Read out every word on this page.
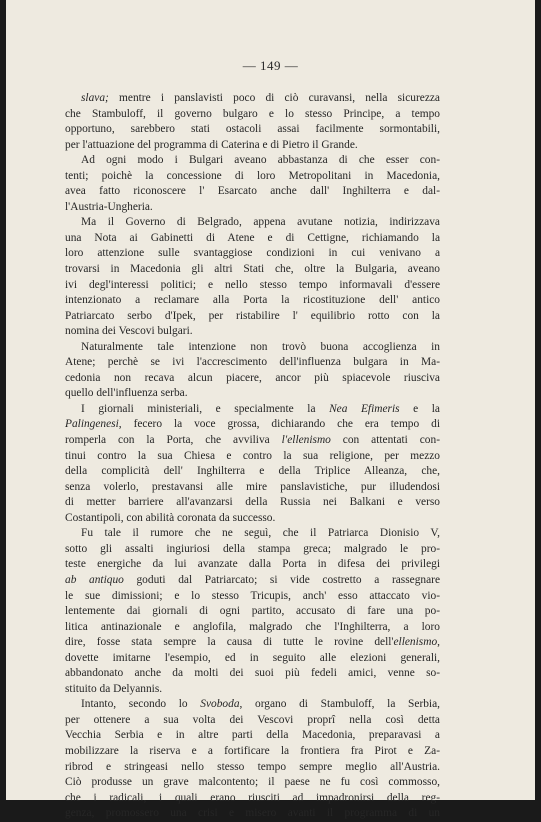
— 149 —
slava; mentre i panslavisti poco di ciò curavansi, nella sicurezza
che Stambuloff, il governo bulgaro e lo stesso Principe, a tempo
opportuno, sarebbero stati ostacoli assai facilmente sormontabili,
per l'attuazione del programma di Caterina e di Pietro il Grande.
Ad ogni modo i Bulgari aveano abbastanza di che esser con-
tenti; poichè la concessione di loro Metropolitani in Macedonia,
avea fatto riconoscere l' Esarcato anche dall' Inghilterra e dal-
l'Austria-Ungheria.
Ma il Governo di Belgrado, appena avutane notizia, indirizzava
una Nota ai Gabinetti di Atene e di Cettigne, richiamando la
loro attenzione sulle svantaggiose condizioni in cui venivano a
trovarsi in Macedonia gli altri Stati che, oltre la Bulgaria, aveano
ivi degl'interessi politici; e nello stesso tempo informavali d'essere
intenzionato a reclamare alla Porta la ricostituzione dell' antico
Patriarcato serbo d'Ipek, per ristabilire l' equilibrio rotto con la
nomina dei Vescovi bulgari.
Naturalmente tale intenzione non trovò buona accoglienza in
Atene; perchè se ivi l'accrescimento dell'influenza bulgara in Ma-
cedonia non recava alcun piacere, ancor più spiacevole riusciva
quello dell'influenza serba.
I giornali ministeriali, e specialmente la Nea Efimeris e la
Palingenesi, fecero la voce grossa, dichiarando che era tempo di
romperla con la Porta, che avviliva l'ellenismo con attentati con-
tinui contro la sua Chiesa e contro la sua religione, per mezzo
della complicità dell' Inghilterra e della Triplice Alleanza, che,
senza volerlo, prestavansi alle mire panslavistiche, pur illudendosi
di metter barriere all'avanzarsi della Russia nei Balkani e verso
Costantipoli, con abilità coronata da successo.
Fu tale il rumore che ne seguì, che il Patriarca Dionisio V,
sotto gli assalti ingiuriosi della stampa greca; malgrado le pro-
teste energiche da lui avanzate dalla Porta in difesa dei privilegi
ab antiquo goduti dal Patriarcato; si vide costretto a rassegnare
le sue dimissioni; e lo stesso Tricupis, anch' esso attaccato vio-
lentemente dai giornali di ogni partito, accusato di fare una po-
litica antinazionale e anglofila, malgrado che l'Inghilterra, a loro
dire, fosse stata sempre la causa di tutte le rovine dell'ellenismo,
dovette imitarne l'esempio, ed in seguito alle elezioni generali,
abbandonato anche da molti dei suoi più fedeli amici, venne so-
stituito da Delyannis.
Intanto, secondo lo Svoboda, organo di Stambuloff, la Serbia,
per ottenere a sua volta dei Vescovi proprî nella così detta
Vecchia Serbia e in altre parti della Macedonia, preparavasi a
mobilizzare la riserva e a fortificare la frontiera fra Pirot e Za-
ribrod e stringeasi nello stesso tempo sempre meglio all'Austria.
Ciò produsse un grave malcontento; il paese ne fu così commosso,
che i radicali, i quali erano riusciti ad impadronirsi della reg-
genza, promossero una crisi e misero avanti il programma di un
